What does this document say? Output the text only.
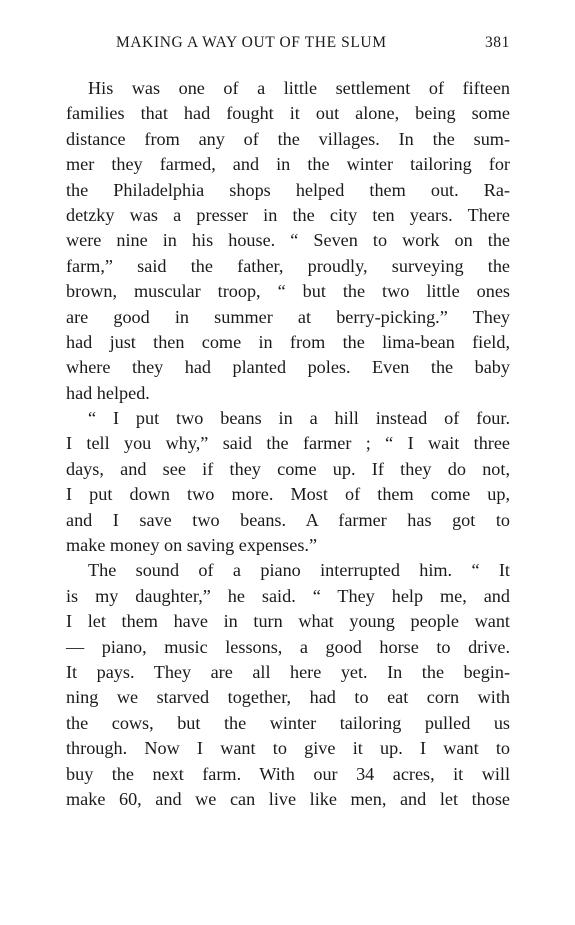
MAKING A WAY OUT OF THE SLUM	381
His was one of a little settlement of fifteen
families that had fought it out alone, being some
distance from any of the villages. In the sum-
mer they farmed, and in the winter tailoring for
the Philadelphia shops helped them out. Ra-
detzky was a presser in the city ten years. There
were nine in his house. “ Seven to work on the
farm,” said the father, proudly, surveying the
brown, muscular troop, “ but the two little ones
are good in summer at berry-picking.” They
had just then come in from the lima-bean field,
where they had planted poles. Even the baby
had helped.
“ I put two beans in a hill instead of four.
I tell you why,” said the farmer ; “ I wait three
days, and see if they come up. If they do not,
I put down two more. Most of them come up,
and I save two beans. A farmer has got to
make money on saving expenses.”
The sound of a piano interrupted him. “ It
is my daughter,” he said. “ They help me, and
I let them have in turn what young people want
— piano, music lessons, a good horse to drive.
It pays. They are all here yet. In the begin-
ning we starved together, had to eat corn with
the cows, but the winter tailoring pulled us
through. Now I want to give it up. I want to
buy the next farm. With our 34 acres, it will
make 60, and we can live like men, and let those
